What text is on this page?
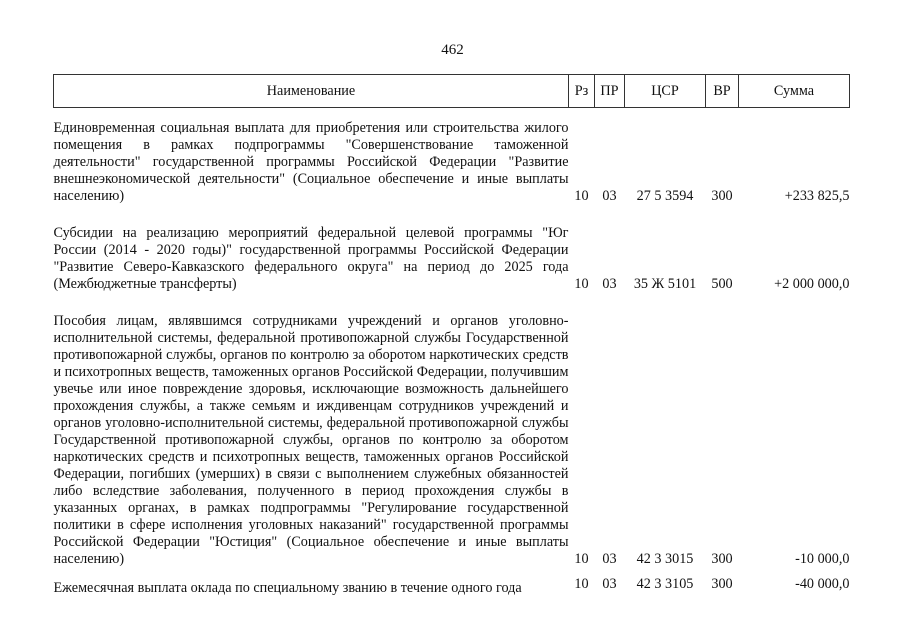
462
Наименование	Рз	ПР	ЦСР	ВР	Сумма
Единовременная социальная выплата для приобретения или строительства жилого помещения в рамках подпрограммы "Совершенствование таможенной деятельности" государственной программы Российской Федерации "Развитие внешнеэкономической деятельности" (Социальное обеспечение и иные выплаты населению)	10	03	27 5 3594	300	+233 825,5
Субсидии на реализацию мероприятий федеральной целевой программы "Юг России (2014 - 2020 годы)" государственной программы Российской Федерации "Развитие Северо-Кавказского федерального округа" на период до 2025 года (Межбюджетные трансферты)	10	03	35 Ж 5101	500	+2 000 000,0
Пособия лицам, являвшимся сотрудниками учреждений и органов уголовно-исполнительной системы, федеральной противопожарной службы Государственной противопожарной службы, органов по контролю за оборотом наркотических средств и психотропных веществ, таможенных органов Российской Федерации, получившим увечье или иное повреждение здоровья, исключающие возможность дальнейшего прохождения службы, а также семьям и иждивенцам сотрудников учреждений и органов уголовно-исполнительной системы, федеральной противопожарной службы Государственной противопожарной службы, органов по контролю за оборотом наркотических средств и психотропных веществ, таможенных органов Российской Федерации, погибших (умерших) в связи с выполнением служебных обязанностей либо вследствие заболевания, полученного в период прохождения службы в указанных органах, в рамках подпрограммы "Регулирование государственной политики в сфере исполнения уголовных наказаний" государственной программы Российской Федерации "Юстиция" (Социальное обеспечение и иные выплаты населению)	10	03	42 3 3015	300	-10 000,0
Ежемесячная выплата оклада по специальному званию в течение одного года	10	03	42 3 3105	300	-40 000,0
